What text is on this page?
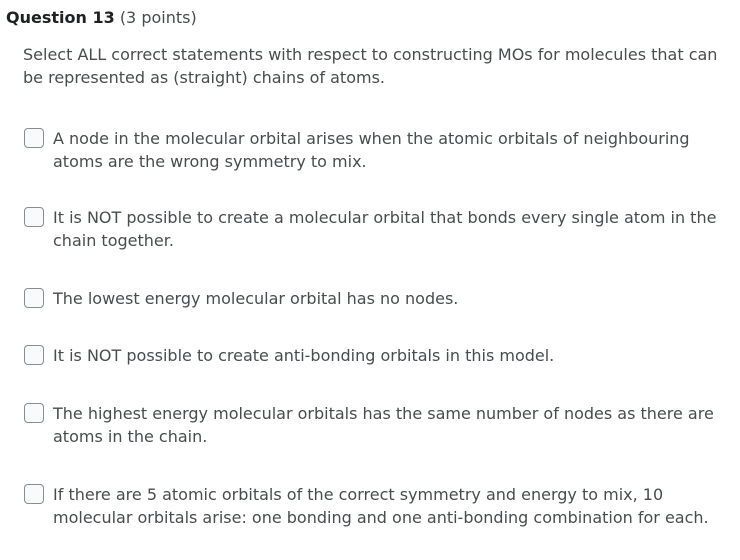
Question 13 (3 points)
Select ALL correct statements with respect to constructing MOs for molecules that can be represented as (straight) chains of atoms.
A node in the molecular orbital arises when the atomic orbitals of neighbouring atoms are the wrong symmetry to mix.
It is NOT possible to create a molecular orbital that bonds every single atom in the chain together.
The lowest energy molecular orbital has no nodes.
It is NOT possible to create anti-bonding orbitals in this model.
The highest energy molecular orbitals has the same number of nodes as there are atoms in the chain.
If there are 5 atomic orbitals of the correct symmetry and energy to mix, 10 molecular orbitals arise: one bonding and one anti-bonding combination for each.
